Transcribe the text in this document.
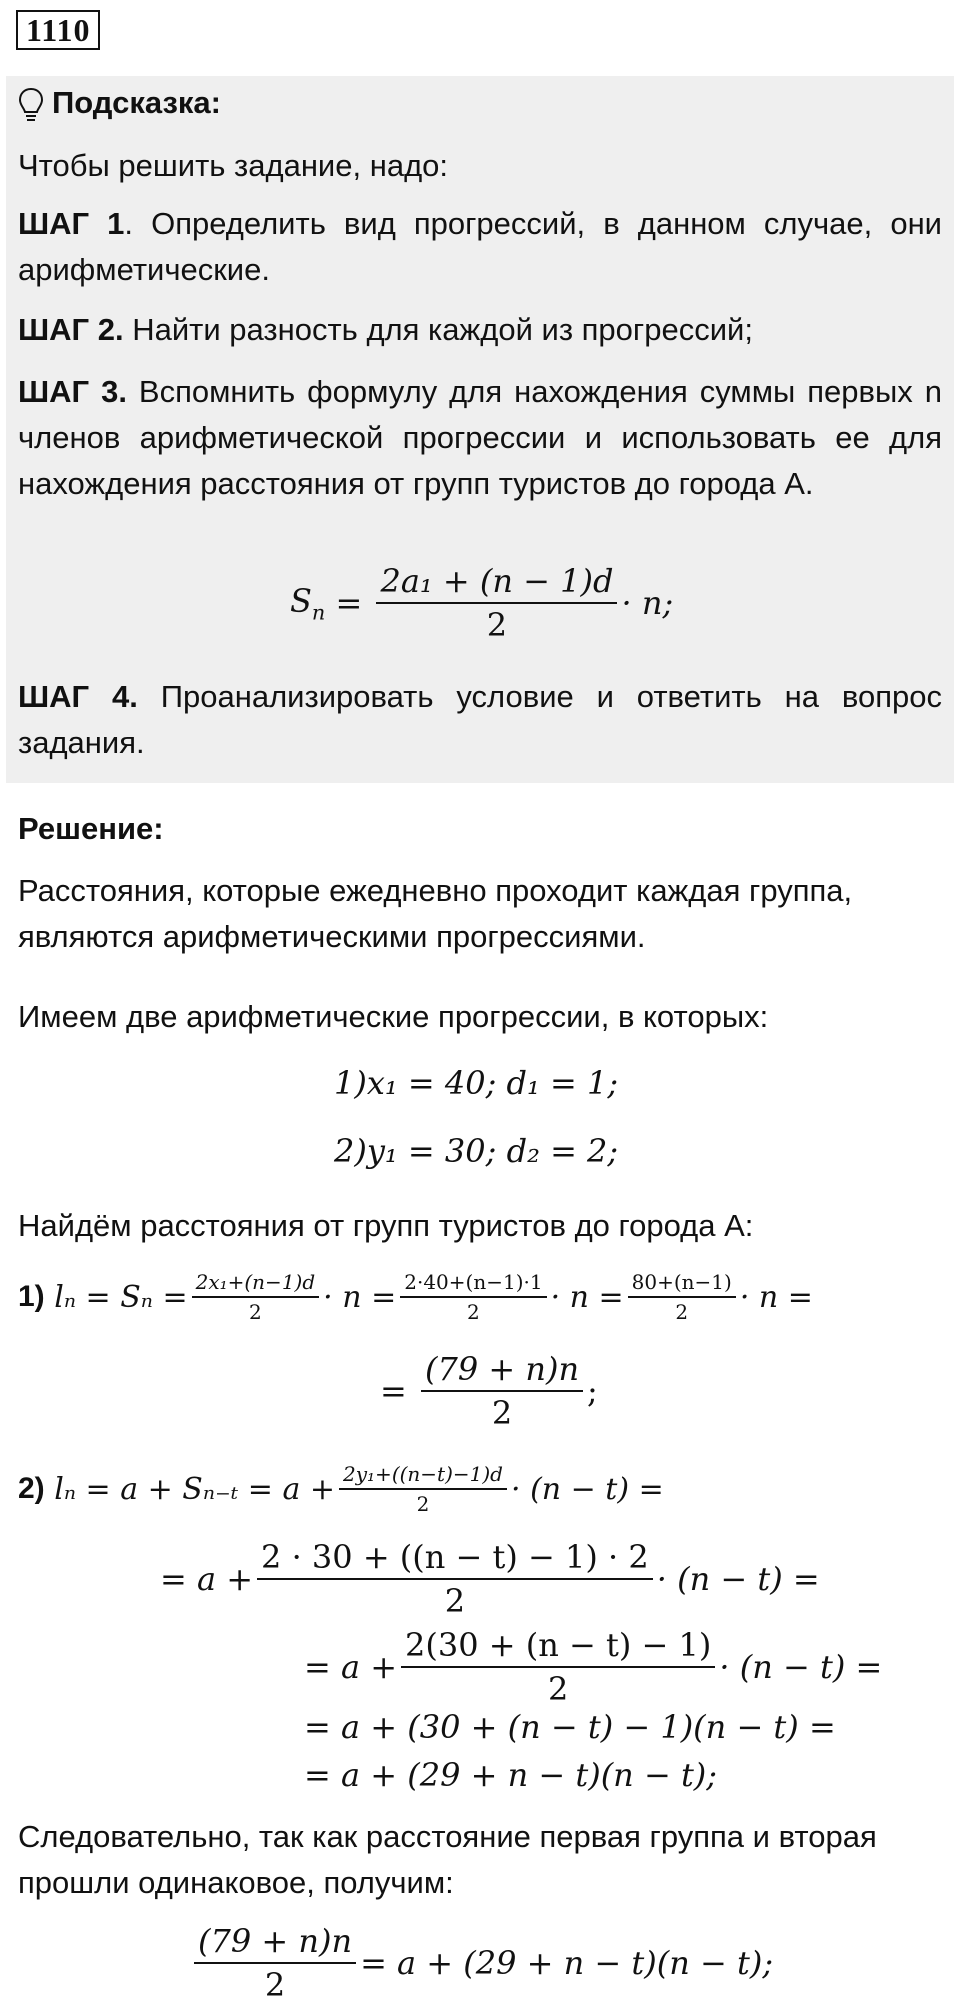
1110

Подсказка:

Чтобы решить задание, надо:

ШАГ 1. Определить вид прогрессий, в данном случае, они арифметические.

ШАГ 2. Найти разность для каждой из прогрессий;

ШАГ 3. Вспомнить формулу для нахождения суммы первых n членов арифметической прогрессии и использовать ее для нахождения расстояния от групп туристов до города А.

$S_n = \frac{\text{2a₁ + (n − 1)d}}{2} \cdot n$;

ШАГ 4. Проанализировать условие и ответить на вопрос задания.

Решение:

Расстояния, которые ежедневно проходит каждая группа, являются арифметическими прогрессиями.

Имеем две арифметические прогрессии, в которых:

1)x₁ = 40; d₁ = 1;
2)y₁ = 30; d₂ = 2;

Найдём расстояния от групп туристов до города А:

1)
$l_n = S_n = \frac{\text{2x₁+(n−1)d}}{2} \cdot n = \frac{2\cdot 40+(n-1)\cdot 1}{2} \cdot n = \frac{80+(n-1)}{2} \cdot n$ =
= $\frac{(79 + n)n}{2}$ ;
2)
$l_n = a + S_{n-t} = a + \frac{\text{2y₁+((n−t)−1)d}}{2} \cdot (n - t)$ =
= $a + \frac{2 \cdot 30 + ((n - t) - 1) \cdot 2}{2} \cdot (n - t)$ =
= $a + \frac{2(30 + (n - t) - 1)}{2} \cdot (n - t)$ =
= a + (30 + (n − t) − 1)(n − t) =
= a + (29 + n − t)(n − t);

Следовательно, так как расстояние первая группа и вторая прошли одинаковое, получим:

$\frac{(79 + n)n}{2} = a + (29 + n - t)(n - t)$;
